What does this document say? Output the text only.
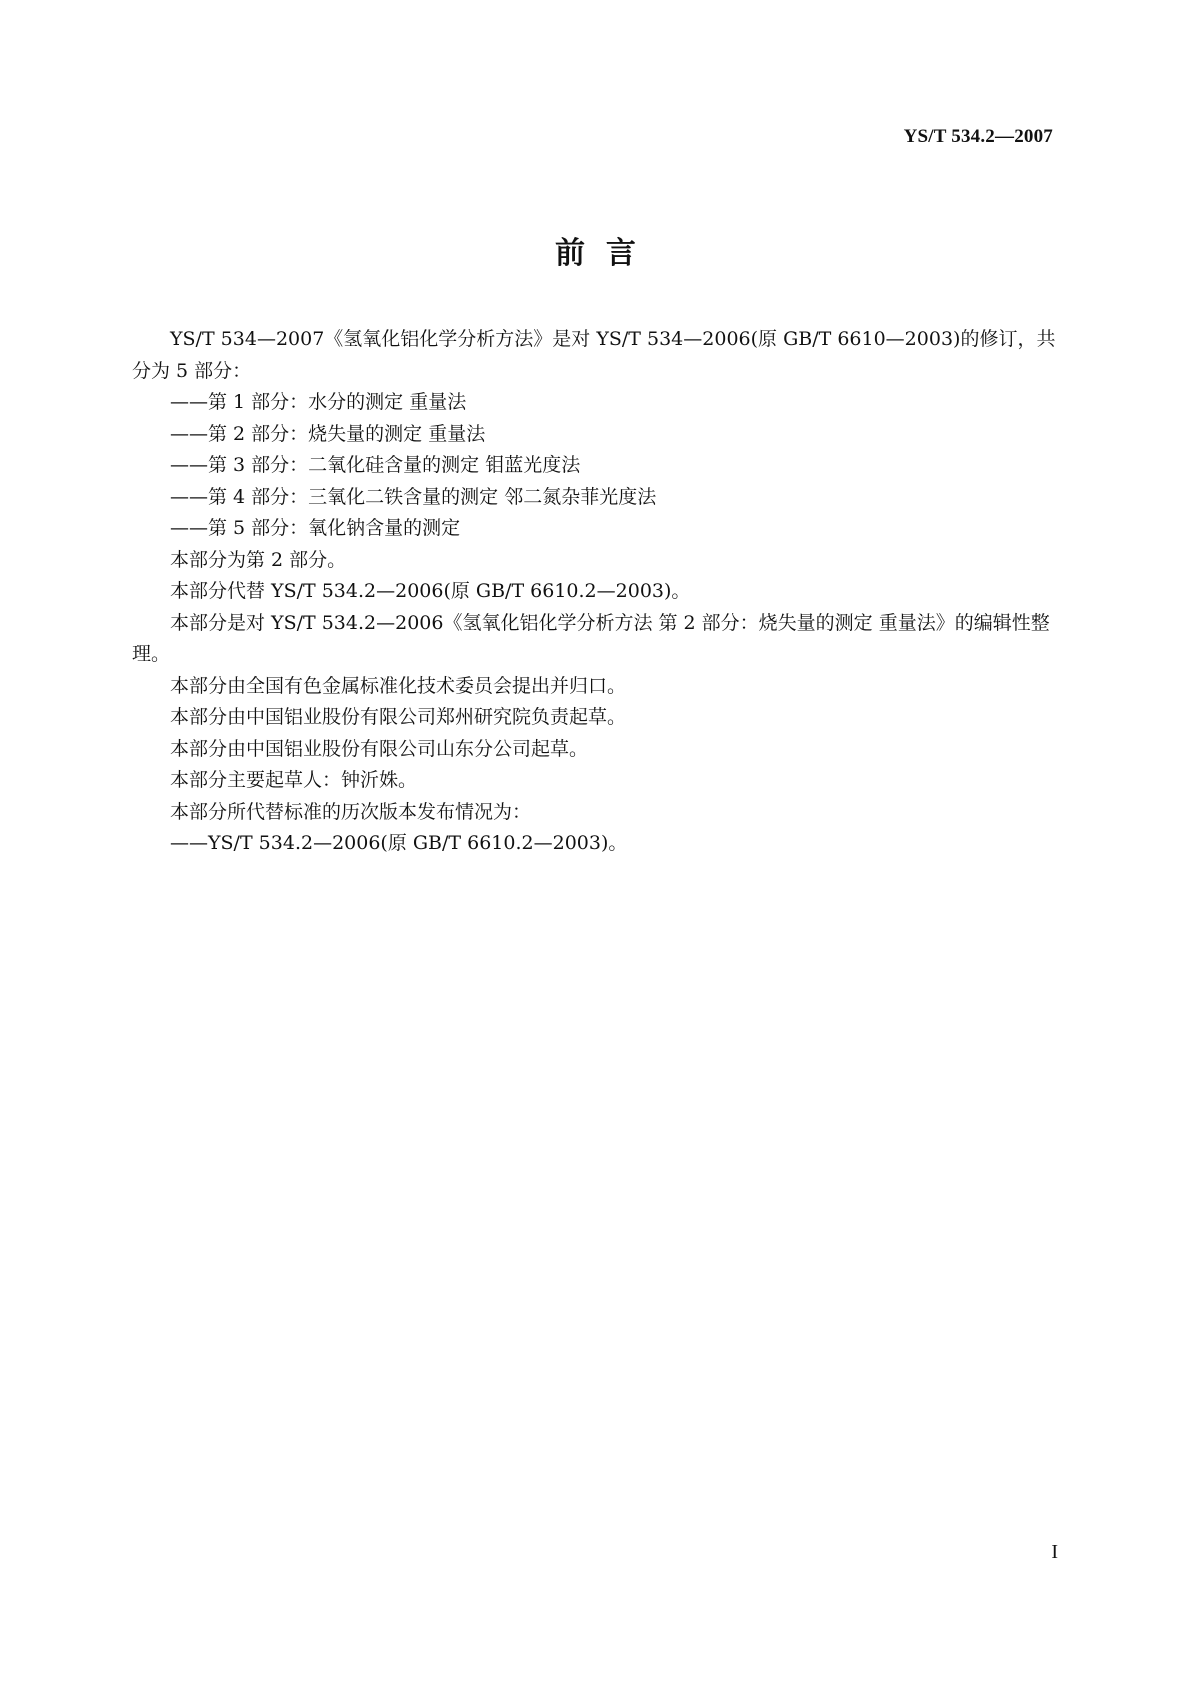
YS/T 534.2—2007
前  言

YS/T 534—2007《氢氧化铝化学分析方法》是对 YS/T 534—2006(原 GB/T 6610—2003)的修订，共分为 5 部分：

——第 1 部分：水分的测定 重量法

——第 2 部分：烧失量的测定 重量法

——第 3 部分：二氧化硅含量的测定 钼蓝光度法

——第 4 部分：三氧化二铁含量的测定 邻二氮杂菲光度法

——第 5 部分：氧化钠含量的测定

本部分为第 2 部分。

本部分代替 YS/T 534.2—2006(原 GB/T 6610.2—2003)。

本部分是对 YS/T 534.2—2006《氢氧化铝化学分析方法 第 2 部分：烧失量的测定 重量法》的编辑性整理。

本部分由全国有色金属标准化技术委员会提出并归口。

本部分由中国铝业股份有限公司郑州研究院负责起草。

本部分由中国铝业股份有限公司山东分公司起草。

本部分主要起草人：钟沂姝。

本部分所代替标准的历次版本发布情况为：

——YS/T 534.2—2006(原 GB/T 6610.2—2003)。

I
